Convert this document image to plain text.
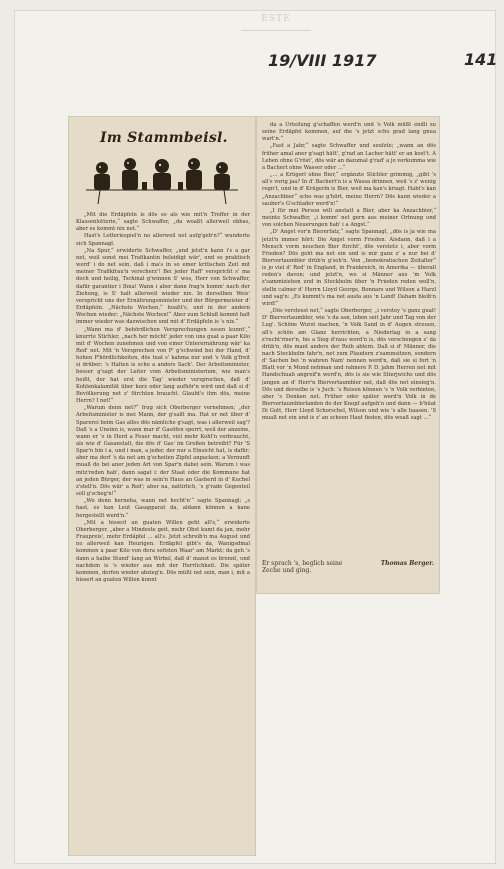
ESTE
19/VIII 1917	141
Im Stammbeisl.

„Mit die Erdäpfeln is dös so als wie mit'n Treffer in der Klassenlotterie,“ sagte Schwaffer, „da woaßt allerweil ebbas, aber es kommt nix net.“

Hast's Lotteriespiel'n no allerweil net aufg'geb'n?“ wunderte sich Spannagl.

„Na Spur,“ erwiderte Schwaffer, „und jetzt'n kann i's a gar net, weil sonst mei Trafikantin beleidigt wär', und so praktisch werd' i do net sein, daß i ma's in so einer kritischen Zeit mit meiner Trafikfrau'n verscherz'! Bei jeder Raff' verspricht s' ma doch und heilig, Tschinal g'winnen S' wos, Herr von Schwaffer, dafür garantier i Ihna! Wann i aber dann frag'n komm' nach der Ziehung, is S' halt allerweil wieder nix. In derselben Weis' verspricht uns der Ernährungsminister und der Bürgermeister d' Erdäpfeln. „Nächste Wochen,“ hoaßt's, und in der andern Wochen wieder: „Nächste Wochen!“ Aber zum Schluß kommt halt immer wieder was dazwischen und mit d' Erdäpfeln is 's nix.“

„Wann ma d' behördlichen Versprechungen essen kunnt',“ knurrte Stichler, „nach her möcht' jeder von uns guat a paar Kilo mit d' Wochen zunehmen und von einer Unterernährung wär' ka Red' net. Mit 'n Versprechen von P' g'schwind bei der Hand, d' hohen P'hördlichkeiten, dös tuat s' kahma nur und 's Volk g'freit si drüber; 's Halten is scho a anders Sach'. Der Arbeitsminister, besser g'sagt der Leiter vom Arbeitsministerium, wie man's heißt, der hat erst die Tag' wieder versprochen, daß d' Kohlenkalamität über kurz oder lang aufhör'n wird und daß si d' Bevölkerung net z' fürchten braucht. Glaubt's ihm dös, meine Herrn? I net!“

„Warum denn net?“ frug sich Oberberger vernehmen; „der Arbeitsminister is mei Mann, der g'sallt ma. Hat er net über d' Sparerei beim Gas alles dös nämliche g'sagt, was i allerweil sag'? Daß 's a Unsinn is, wann mar d' Gasöfen sperrt, weil der anzeine, wann er 's in Herd a Feuer macht, viel mehr Kohl'n verbraucht, als wie d' Gasanstalt, die dös d' Gas' im Großen betreibt? Für 'S Spar'n bin i a, und i man, a jeder, der nur a Einsicht hat, is dafür; aber ma derf 's da net am g'scheiten Zipfel anpacken; a Vernunft muaß do bei aner jeden Art von Spar'n dabei sein. Warum i was mitz'reden hab', dann sagat i: der Staat oder die Kommune hat an jeden Bürger, der was in sein'n Haus an Gasherd in d' Kuchel z'stell'n. Dös wär' a Red'; aber na, natürlich, 's g'rade Gegenteil soll g'scheg'n!“

„Wo denn herneha, wann net hecht'n'“ sagte Spannagl; „s hast, es kan Leut Gasapparat da, aldann können a kane hergestellt werd'n.“

„Mit a bisserl an guaten Willen geht all's,“ erwiderte Oberberger, „aber a Mindeste geit, mehr Obst kumt da jan, mehr Fraupreis', mehr Erdäpfel ... all's. Jetzt schreib'n ma August und no allerweil kan Heurigen. Erdäpfel gibt's da, Wanigsdmal kommen a paar Kilo von dera sofisten Waar' am Markt; da geh 's dann a halbe Stund' lang an Wirbel, daß d' manst es brennt, und nachdem is 's wieder aus mit der Herrlichkeit. Die später kommen, derfen wieder abzieg'n. Dös müßt net sein, man i, mit a bisserl an guaten Willen kunnt

da a Urteilung g'schaffen werd'n und 's Volk müßt endli zu seine Erdäpfel kommen, auf die 's jetzt scho grad lang gnua wart'n.“

„Fast a Jahr,“ sagte Schwaffer und seufzte; „wann an dös früher amal aner g'sagt hätt', g'rad an Lacher hätt' er an kost't. A Leben ohne G'röst', dös wär an dazumal g'rad' a jo vorkumma wie a Bachert ohne Wasser oder ...“

„... a Krügerl ohne Bier,“ ergänzte Stichler grimmig, „gibt 's all's vorig jaa? In d' Bachert'n is a Wassa drinnen, weil 's z' wenig regn't, und in d' Krügerln is Bier, weil ma kan's kriagt. Habt's kan „Anzachbier“ scho was g'hört, meine Herrn? Dös kann wieder a sauber's G'schlader werd'n!“

„I für mei Person will anstatt a Bier, aber ka Anzachbier,“ meinte Schwaffer, „i komm' net gern aus meiner Ortnung und von solchen Neuerungen hab' i a Angst.“

„D' Angst vor'n Biererfatz,“ sagte Spannagl, „dös is ja wie ma jetzt'n immer hört: Die Angst vorm Frieden. Alsdann, daß i a Mensch vorm neuchen Bier fürcht', dös verstetz i, aber vorm Frieden? Dös geht ma net ein und is mir ganz z' a nur bei d' Biervertaumbler drüb'n g'seh'n. Von „bemokratischen Zeitalter“ is jo viel d' Red' in England, in Frankreich, in Amerika — überall reden's davon; und jetzt'n, wo si Männer aus 'm Volk z'sammiziehen und in Stockholm über 'n Frieden reden woll'n, stelln calmer d' Herrn Lloyd George, Bonnars und Wilson a Harzl und sag'n: „Es kummt's ma net ausfa aus 'n Land! Daham bleib'n wird!“

„Dös verstesst net,“ sagte Oberberger, „i verstey 's ganz guat! D' Biervertaumbler, wie 's da san, leben seit Jahr und Tag von der Lug'. Schöne Wurst machen, 'n Volk Sand in d' Augen streuen, all's schön am Glanz herrichten, a Niederlag in a sang z'recht'rixer'n, bis a Sieg d'raus word'n is, dös verschengen s' da drüb'n, dös mant anders der Reib ablern. Daß si d' Männer, die nach Stockholm fahr'n, net zum Plaudern z'sammsitzen, sondern d' Sachen bei 'n wahren Nam' nennen werd'n, daß sie si fort 'n Blatt vor 'n Mund nehman und rahnere P. D. jahm Herren net mit Handschuah angreif'n werd'n, dös is sie wie Stierjwichs und dös jangen an d' Herr'n Biervertaumbler net, daß dös net einsieg'n. Dös und derselbe is 's Juch: 's Reisen können 's 'n Volk verbieten, aber 's Denken net. Früher oder später werd'n Volk in de Biervertaumblerlanden do der Knopf aufgeh'n und dann — b'hüat Di Gott, Herr Lloyd Schorschel, Wilson und wie 's alle haasen. 'S muaß net ein und is z' an scheen Haut fieden, dös woaß sagt ...“

Er sprach 's, beglich seine Zeche und ging.
Thomas Berger.
